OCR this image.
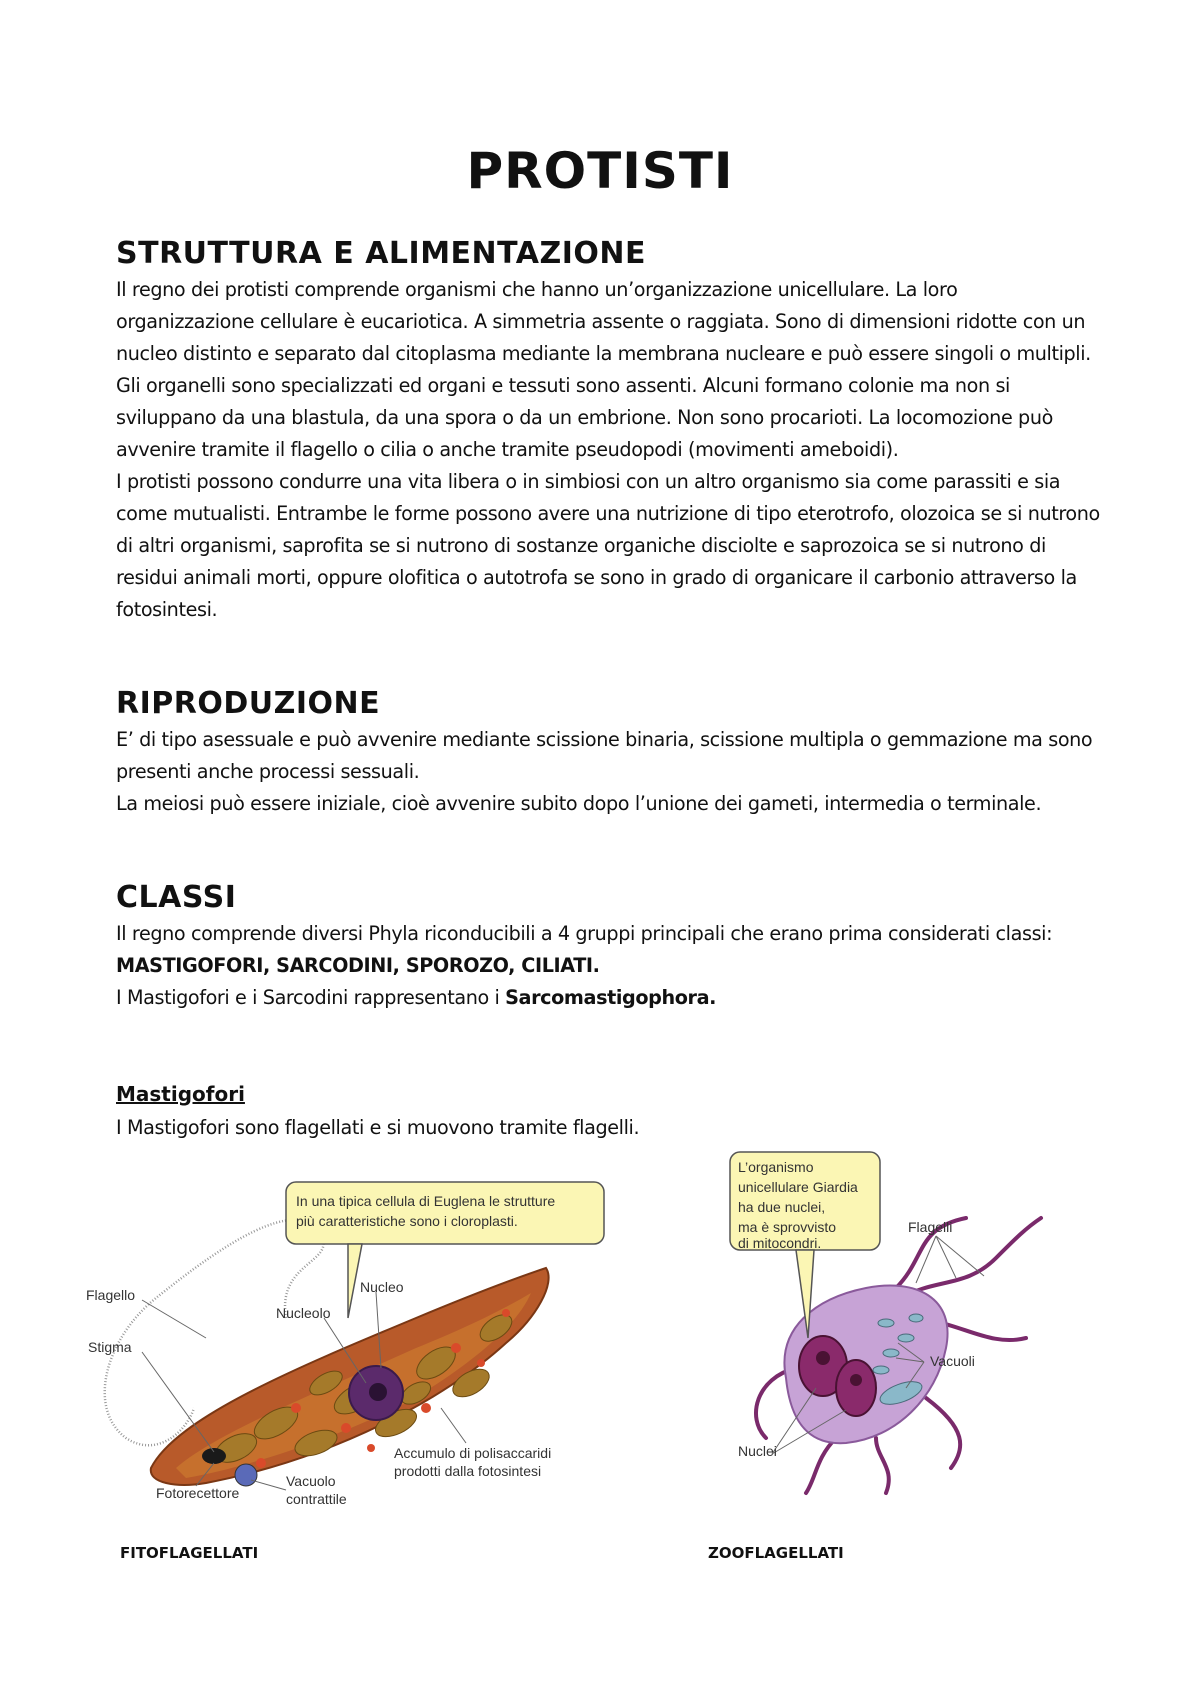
PROTISTI
STRUTTURA E ALIMENTAZIONE

Il regno dei protisti comprende organismi che hanno un’organizzazione unicellulare. La loro organizzazione cellulare è eucariotica. A simmetria assente o raggiata. Sono di dimensioni ridotte con un nucleo distinto e separato dal citoplasma mediante la membrana nucleare e può essere singoli o multipli. Gli organelli sono specializzati ed organi e tessuti sono assenti. Alcuni formano colonie ma non si sviluppano da una blastula, da una spora o da un embrione. Non sono procarioti. La locomozione può avvenire tramite il flagello o cilia o anche tramite pseudopodi (movimenti ameboidi).

I protisti possono condurre una vita libera o in simbiosi con un altro organismo sia come parassiti e sia come mutualisti. Entrambe le forme possono avere una nutrizione di tipo eterotrofo, olozoica se si nutrono di altri organismi, saprofita se si nutrono di sostanze organiche disciolte e saprozoica se si nutrono di residui animali morti, oppure olofitica o autotrofa se sono in grado di organicare il carbonio attraverso la fotosintesi.

RIPRODUZIONE

E’ di tipo asessuale e può avvenire mediante scissione binaria, scissione multipla o gemmazione ma sono presenti anche processi sessuali.

La meiosi può essere iniziale, cioè avvenire subito dopo l’unione dei gameti, intermedia o terminale.

CLASSI

Il regno comprende diversi Phyla riconducibili a 4 gruppi principali che erano prima considerati classi:

MASTIGOFORI, SARCODINI, SPOROZO, CILIATI.

I Mastigofori e i Sarcodini rappresentano i Sarcomastigophora.

Mastigofori

I Mastigofori sono flagellati e si muovono tramite flagelli.

In una tipica cellula di Euglena le strutture
più caratteristiche sono i cloroplasti.
Flagello
Stigma
Nucleolo
Nucleo
Fotorecettore
Vacuolo
contrattile
Accumulo di polisaccaridi
prodotti dalla fotosintesi
L’organismo
unicellulare Giardia
ha due nuclei,
ma è sprovvisto
di mitocondri.
Flagelli
Vacuoli
Nuclei
FITOFLAGELLATI	ZOOFLAGELLATI
